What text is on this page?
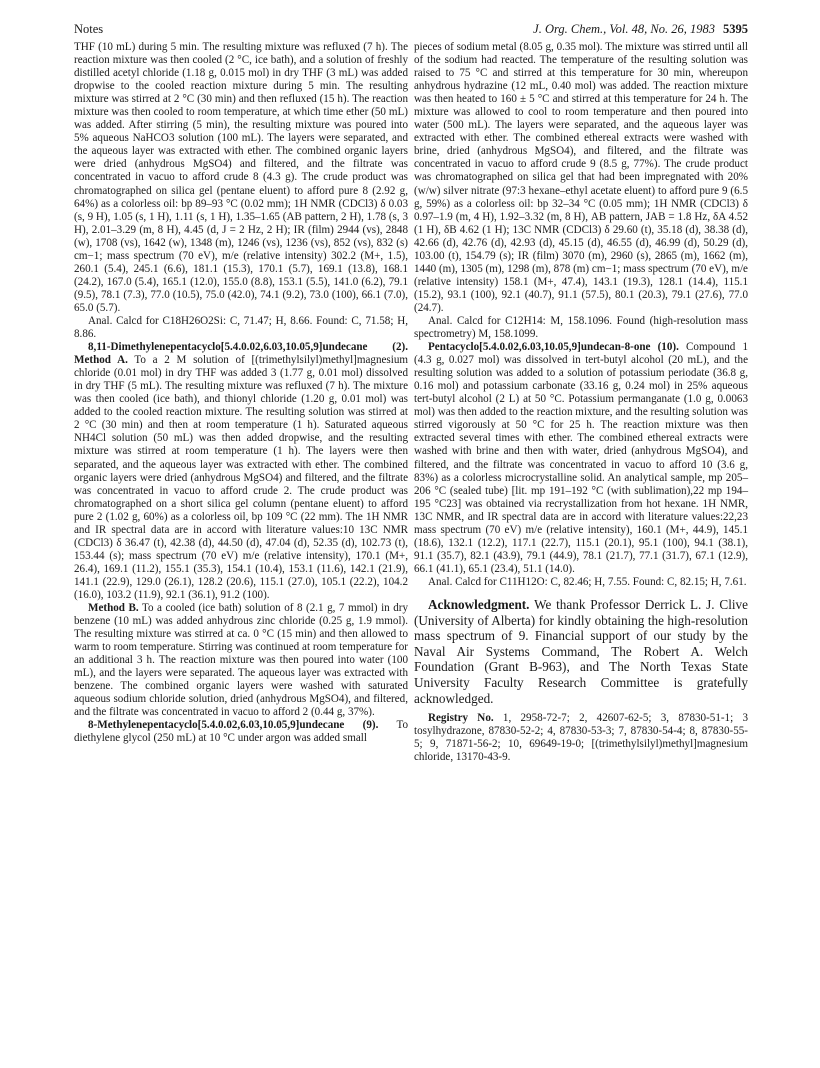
Notes	J. Org. Chem., Vol. 48, No. 26, 1983 5395

THF (10 mL) during 5 min. The resulting mixture was refluxed (7 h). The reaction mixture was then cooled (2 °C, ice bath), and a solution of freshly distilled acetyl chloride (1.18 g, 0.015 mol) in dry THF (3 mL) was added dropwise to the cooled reaction mixture during 5 min. The resulting mixture was stirred at 2 °C (30 min) and then refluxed (15 h). The reaction mixture was then cooled to room temperature, at which time ether (50 mL) was added. After stirring (5 min), the resulting mixture was poured into 5% aqueous NaHCO3 solution (100 mL). The layers were separated, and the aqueous layer was extracted with ether. The combined organic layers were dried (anhydrous MgSO4) and filtered, and the filtrate was concentrated in vacuo to afford crude 8 (4.3 g). The crude product was chromatographed on silica gel (pentane eluent) to afford pure 8 (2.92 g, 64%) as a colorless oil: bp 89–93 °C (0.02 mm); 1H NMR (CDCl3) δ 0.03 (s, 9 H), 1.05 (s, 1 H), 1.11 (s, 1 H), 1.35–1.65 (AB pattern, 2 H), 1.78 (s, 3 H), 2.01–3.29 (m, 8 H), 4.45 (d, J = 2 Hz, 2 H); IR (film) 2944 (vs), 2848 (w), 1708 (vs), 1642 (w), 1348 (m), 1246 (vs), 1236 (vs), 852 (vs), 832 (s) cm−1; mass spectrum (70 eV), m/e (relative intensity) 302.2 (M+, 1.5), 260.1 (5.4), 245.1 (6.6), 181.1 (15.3), 170.1 (5.7), 169.1 (13.8), 168.1 (24.2), 167.0 (5.4), 165.1 (12.0), 155.0 (8.8), 153.1 (5.5), 141.0 (6.2), 79.1 (9.5), 78.1 (7.3), 77.0 (10.5), 75.0 (42.0), 74.1 (9.2), 73.0 (100), 66.1 (7.0), 65.0 (5.7).

Anal. Calcd for C18H26O2Si: C, 71.47; H, 8.66. Found: C, 71.58; H, 8.86.

8,11-Dimethylenepentacyclo[5.4.0.02,6.03,10.05,9]undecane (2). Method A. To a 2 M solution of [(trimethylsilyl)methyl]magnesium chloride (0.01 mol) in dry THF was added 3 (1.77 g, 0.01 mol) dissolved in dry THF (5 mL). The resulting mixture was refluxed (7 h). The mixture was then cooled (ice bath), and thionyl chloride (1.20 g, 0.01 mol) was added to the cooled reaction mixture. The resulting solution was stirred at 2 °C (30 min) and then at room temperature (1 h). Saturated aqueous NH4Cl solution (50 mL) was then added dropwise, and the resulting mixture was stirred at room temperature (1 h). The layers were then separated, and the aqueous layer was extracted with ether. The combined organic layers were dried (anhydrous MgSO4) and filtered, and the filtrate was concentrated in vacuo to afford crude 2. The crude product was chromatographed on a short silica gel column (pentane eluent) to afford pure 2 (1.02 g, 60%) as a colorless oil, bp 109 °C (22 mm). The 1H NMR and IR spectral data are in accord with literature values:10 13C NMR (CDCl3) δ 36.47 (t), 42.38 (d), 44.50 (d), 47.04 (d), 52.35 (d), 102.73 (t), 153.44 (s); mass spectrum (70 eV) m/e (relative intensity), 170.1 (M+, 26.4), 169.1 (11.2), 155.1 (35.3), 154.1 (10.4), 153.1 (11.6), 142.1 (21.9), 141.1 (22.9), 129.0 (26.1), 128.2 (20.6), 115.1 (27.0), 105.1 (22.2), 104.2 (16.0), 103.2 (11.9), 92.1 (36.1), 91.2 (100).

Method B. To a cooled (ice bath) solution of 8 (2.1 g, 7 mmol) in dry benzene (10 mL) was added anhydrous zinc chloride (0.25 g, 1.9 mmol). The resulting mixture was stirred at ca. 0 °C (15 min) and then allowed to warm to room temperature. Stirring was continued at room temperature for an additional 3 h. The reaction mixture was then poured into water (100 mL), and the layers were separated. The aqueous layer was extracted with benzene. The combined organic layers were washed with saturated aqueous sodium chloride solution, dried (anhydrous MgSO4), and filtered, and the filtrate was concentrated in vacuo to afford 2 (0.44 g, 37%).

8-Methylenepentacyclo[5.4.0.02,6.03,10.05,9]undecane (9). To diethylene glycol (250 mL) at 10 °C under argon was added small

pieces of sodium metal (8.05 g, 0.35 mol). The mixture was stirred until all of the sodium had reacted. The temperature of the resulting solution was raised to 75 °C and stirred at this temperature for 30 min, whereupon anhydrous hydrazine (12 mL, 0.40 mol) was added. The reaction mixture was then heated to 160 ± 5 °C and stirred at this temperature for 24 h. The mixture was allowed to cool to room temperature and then poured into water (500 mL). The layers were separated, and the aqueous layer was extracted with ether. The combined ethereal extracts were washed with brine, dried (anhydrous MgSO4), and filtered, and the filtrate was concentrated in vacuo to afford crude 9 (8.5 g, 77%). The crude product was chromatographed on silica gel that had been impregnated with 20% (w/w) silver nitrate (97:3 hexane–ethyl acetate eluent) to afford pure 9 (6.5 g, 59%) as a colorless oil: bp 32–34 °C (0.05 mm); 1H NMR (CDCl3) δ 0.97–1.9 (m, 4 H), 1.92–3.32 (m, 8 H), AB pattern, JAB = 1.8 Hz, δA 4.52 (1 H), δB 4.62 (1 H); 13C NMR (CDCl3) δ 29.60 (t), 35.18 (d), 38.38 (d), 42.66 (d), 42.76 (d), 42.93 (d), 45.15 (d), 46.55 (d), 46.99 (d), 50.29 (d), 103.00 (t), 154.79 (s); IR (film) 3070 (m), 2960 (s), 2865 (m), 1662 (m), 1440 (m), 1305 (m), 1298 (m), 878 (m) cm−1; mass spectrum (70 eV), m/e (relative intensity) 158.1 (M+, 47.4), 143.1 (19.3), 128.1 (14.4), 115.1 (15.2), 93.1 (100), 92.1 (40.7), 91.1 (57.5), 80.1 (20.3), 79.1 (27.6), 77.0 (24.7).

Anal. Calcd for C12H14: M, 158.1096. Found (high-resolution mass spectrometry) M, 158.1099.

Pentacyclo[5.4.0.02,6.03,10.05,9]undecan-8-one (10). Compound 1 (4.3 g, 0.027 mol) was dissolved in tert-butyl alcohol (20 mL), and the resulting solution was added to a solution of potassium periodate (36.8 g, 0.16 mol) and potassium carbonate (33.16 g, 0.24 mol) in 25% aqueous tert-butyl alcohol (2 L) at 50 °C. Potassium permanganate (1.0 g, 0.0063 mol) was then added to the reaction mixture, and the resulting solution was stirred vigorously at 50 °C for 25 h. The reaction mixture was then extracted several times with ether. The combined ethereal extracts were washed with brine and then with water, dried (anhydrous MgSO4), and filtered, and the filtrate was concentrated in vacuo to afford 10 (3.6 g, 83%) as a colorless microcrystalline solid. An analytical sample, mp 205–206 °C (sealed tube) [lit. mp 191–192 °C (with sublimation),22 mp 194–195 °C23] was obtained via recrystallization from hot hexane. 1H NMR, 13C NMR, and IR spectral data are in accord with literature values:22,23 mass spectrum (70 eV) m/e (relative intensity), 160.1 (M+, 44.9), 145.1 (18.6), 132.1 (12.2), 117.1 (22.7), 115.1 (20.1), 95.1 (100), 94.1 (38.1), 91.1 (35.7), 82.1 (43.9), 79.1 (44.9), 78.1 (21.7), 77.1 (31.7), 67.1 (12.9), 66.1 (41.1), 65.1 (23.4), 51.1 (14.0).

Anal. Calcd for C11H12O: C, 82.46; H, 7.55. Found: C, 82.15; H, 7.61.

Acknowledgment. We thank Professor Derrick L. J. Clive (University of Alberta) for kindly obtaining the high-resolution mass spectrum of 9. Financial support of our study by the Naval Air Systems Command, The Robert A. Welch Foundation (Grant B-963), and The North Texas State University Faculty Research Committee is gratefully acknowledged.

Registry No. 1, 2958-72-7; 2, 42607-62-5; 3, 87830-51-1; 3 tosylhydrazone, 87830-52-2; 4, 87830-53-3; 7, 87830-54-4; 8, 87830-55-5; 9, 71871-56-2; 10, 69649-19-0; [(trimethylsilyl)methyl]magnesium chloride, 13170-43-9.
